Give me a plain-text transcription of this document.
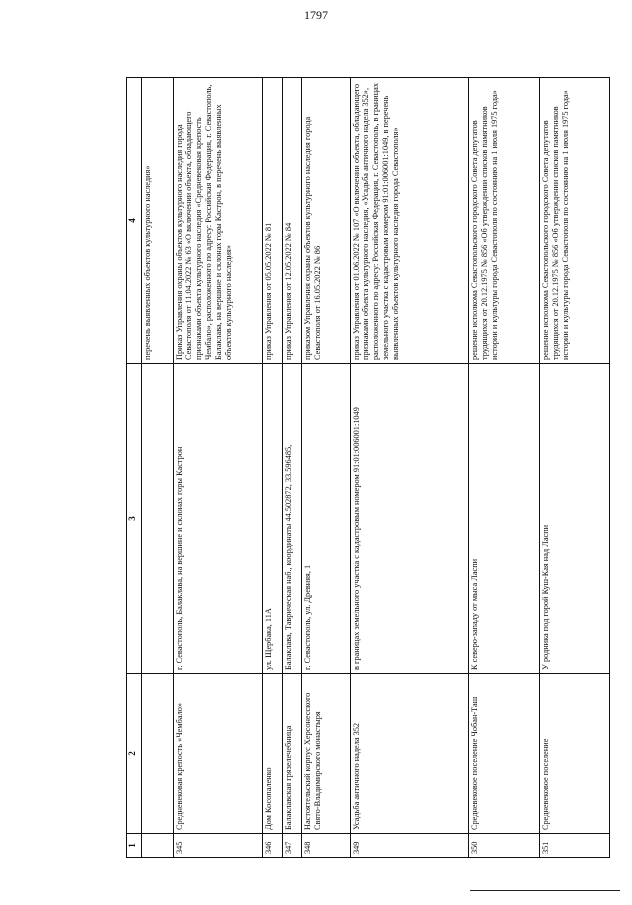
1797
1	2	3	4
			перечень выявленных объектов культурного наследия»
345	Средневековая крепость «Чембало»	г. Севастополь, Балаклава, на вершине и склонах горы Кастрон	Приказ Управления охраны объектов культурного наследия города Севастополя от 11.04.2022 № 63 «О включении объекта, обладающего признаками объекта культурного наследия «Средневековая крепость Чембало», расположенного по адресу: Российская Федерация, г. Севастополь, Балаклава, на вершине и склонах горы Кастрон, в перечень выявленных объектов культурного наследия»
346	Дом Косопаленко	ул. Щербака, 11А	приказ Управления от 05.05.2022 № 81
347	Балаклавская грязелечебница	Балаклава, Таврическая наб., координаты 44.502872, 33.596485,	приказ Управления от 12.05.2022 № 84
348	Настоятельский корпус Херсонесского Свято-Владимирского монастыря	г. Севастополь, ул. Древняя, 1	приказом Управления охраны объектов культурного наследия города Севастополя от 16.05.2022 № 86
349	Усадьба античного надела 352	в границах земельного участка с кадастровым номером 91:01:006001:1049	приказ Управления от 01.06.2022 № 107 «О включении объекта, обладающего признаками объекта культурного наследия, «Усадьба античного надела 352», расположенного по адресу: Российская Федерация, г. Севастополь, в границах земельного участка с кадастровым номером 91:01:006001:1049, в перечень выявленных объектов культурного наследия города Севастополя»
350	Средневековое поселение Чобан-Таш	К северо-западу от мыса Ласпи	решение исполкома Севастопольского городского Совета депутатов трудящихся от 20.12.1975 № 856 «Об утверждении списков памятников истории и культуры города Севастополя по состоянию на 1 июля 1975 года»
351	Средневековое поселение	У родника под горой Куш-Кая над Ласпи	решение исполкома Севастопольского городского Совета депутатов трудящихся от 20.12.1975 № 856 «Об утверждении списков памятников истории и культуры города Севастополя по состоянию на 1 июля 1975 года»
